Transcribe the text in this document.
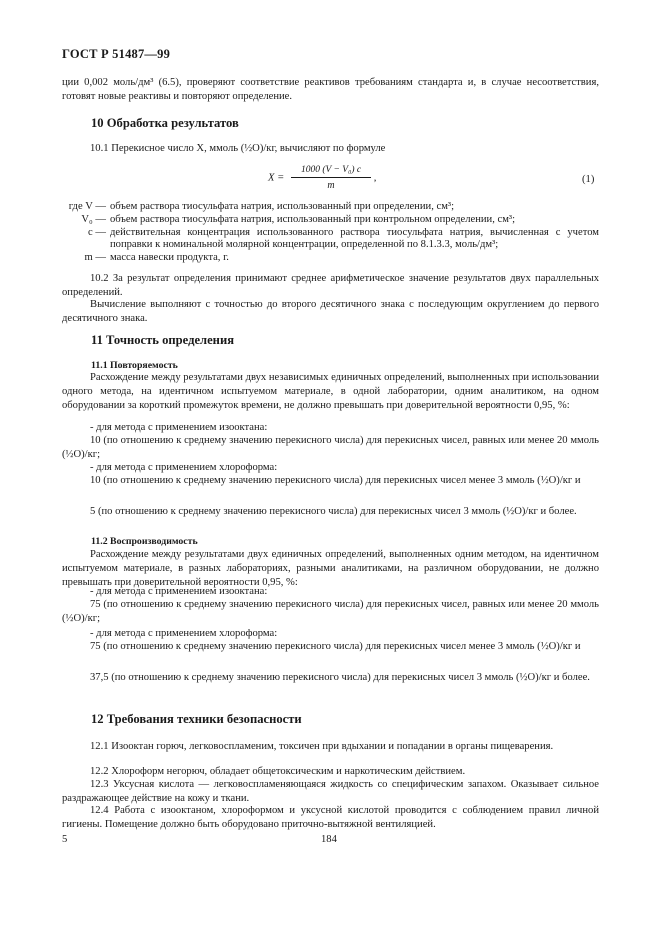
ГОСТ Р 51487—99
ции 0,002 моль/дм³ (6.5), проверяют соответствие реактивов требованиям стандарта и, в случае несоответствия, готовят новые реактивы и повторяют определение.
10 Обработка результатов
10.1 Перекисное число X, ммоль (½O)/кг, вычисляют по формуле
$X = \frac{\text{1000 (V − V₀) c}}{m}$ ,	(1)
где V — объем раствора тиосульфата натрия, использованный при определении, см³;
V₀ — объем раствора тиосульфата натрия, использованный при контрольном определении, см³;
c — действительная концентрация использованного раствора тиосульфата натрия, вычисленная с учетом поправки к номинальной молярной концентрации, определенной по 8.1.3.3, моль/дм³;
m — масса навески продукта, г.
10.2 За результат определения принимают среднее арифметическое значение результатов двух параллельных определений.
Вычисление выполняют с точностью до второго десятичного знака с последующим округлением до первого десятичного знака.
11 Точность определения
11.1 Повторяемость
Расхождение между результатами двух независимых единичных определений, выполненных при использовании одного метода, на идентичном испытуемом материале, в одной лаборатории, одним аналитиком, на одном оборудовании за короткий промежуток времени, не должно превышать при доверительной вероятности 0,95, %:
- для метода с применением изооктана:
10 (по отношению к среднему значению перекисного числа) для перекисных чисел, равных или менее 20 ммоль (½O)/кг;
- для метода с применением хлороформа:
10 (по отношению к среднему значению перекисного числа) для перекисных чисел менее 3 ммоль (½O)/кг и
5 (по отношению к среднему значению перекисного числа) для перекисных чисел 3 ммоль (½O)/кг и более.
11.2 Воспроизводимость
Расхождение между результатами двух единичных определений, выполненных одним методом, на идентичном испытуемом материале, в разных лабораториях, разными аналитиками, на различном оборудовании, не должно превышать при доверительной вероятности 0,95, %:
- для метода с применением изооктана:
75 (по отношению к среднему значению перекисного числа) для перекисных чисел, равных или менее 20 ммоль (½O)/кг;
- для метода с применением хлороформа:
75 (по отношению к среднему значению перекисного числа) для перекисных чисел менее 3 ммоль (½O)/кг и
37,5 (по отношению к среднему значению перекисного числа) для перекисных чисел 3 ммоль (½O)/кг и более.
12 Требования техники безопасности
12.1 Изооктан горюч, легковоспламеним, токсичен при вдыхании и попадании в органы пищеварения.
12.2 Хлороформ негорюч, обладает общетоксическим и наркотическим действием.
12.3 Уксусная кислота — легковоспламеняющаяся жидкость со специфическим запахом. Оказывает сильное раздражающее действие на кожу и ткани.
12.4 Работа с изооктаном, хлороформом и уксусной кислотой проводится с соблюдением правил личной гигиены. Помещение должно быть оборудовано приточно-вытяжной вентиляцией.
5	184
